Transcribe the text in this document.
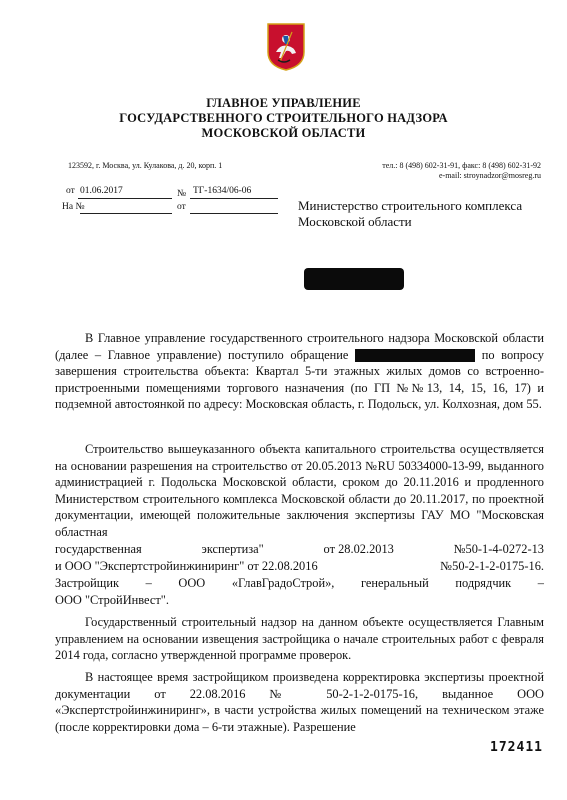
ГЛАВНОЕ УПРАВЛЕНИЕ
ГОСУДАРСТВЕННОГО СТРОИТЕЛЬНОГО НАДЗОРА
МОСКОВСКОЙ ОБЛАСТИ
123592, г. Москва, ул. Кулакова, д. 20, корп. 1	тел.: 8 (498) 602-31-91, факс: 8 (498) 602-31-92
e-mail: stroynadzor@mosreg.ru
от 01.06.2017	№ ТГ-1634/06-06
На №	от	Министерство строительного комплекса
Московской области

В Главное управление государственного строительного надзора Московской области (далее – Главное управление) поступило обращение	по вопросу завершения строительства объекта: Квартал 5-ти этажных жилых домов со встроенно-пристроенными помещениями торгового назначения (по ГП №№13, 14, 15, 16, 17) и подземной автостоянкой по адресу: Московская область, г. Подольск, ул. Колхозная, дом 55.

Строительство вышеуказанного объекта капитального строительства осуществляется на основании разрешения на строительство от 20.05.2013 №RU 50334000-13-99, выданного администрацией г. Подольска Московской области, сроком до 20.11.2016 и продленного Министерством строительного комплекса Московской области до 20.11.2017, по проектной документации, имеющей положительные заключения экспертизы ГАУ МО "Московская областная

государственная	экспертиза"	от 28.02.2013	№50-1-4-0272-13
и ООО "Экспертстройинжиниринг" от 22.08.2016	№50-2-1-2-0175-16.
Застройщик – ООО «ГлавГрадоСтрой», генеральный подрядчик –
ООО "СтройИнвест".

Государственный строительный надзор на данном объекте осуществляется Главным управлением на основании извещения застройщика о начале строительных работ с февраля 2014 года, согласно утвержденной программе проверок.

В настоящее время застройщиком произведена корректировка экспертизы проектной документации от 22.08.2016 № 50-2-1-2-0175-16, выданное ООО «Экспертстройинжиниринг», в части устройства жилых помещений на техническом этаже (после корректировки дома – 6-ти этажные). Разрешение

172411
